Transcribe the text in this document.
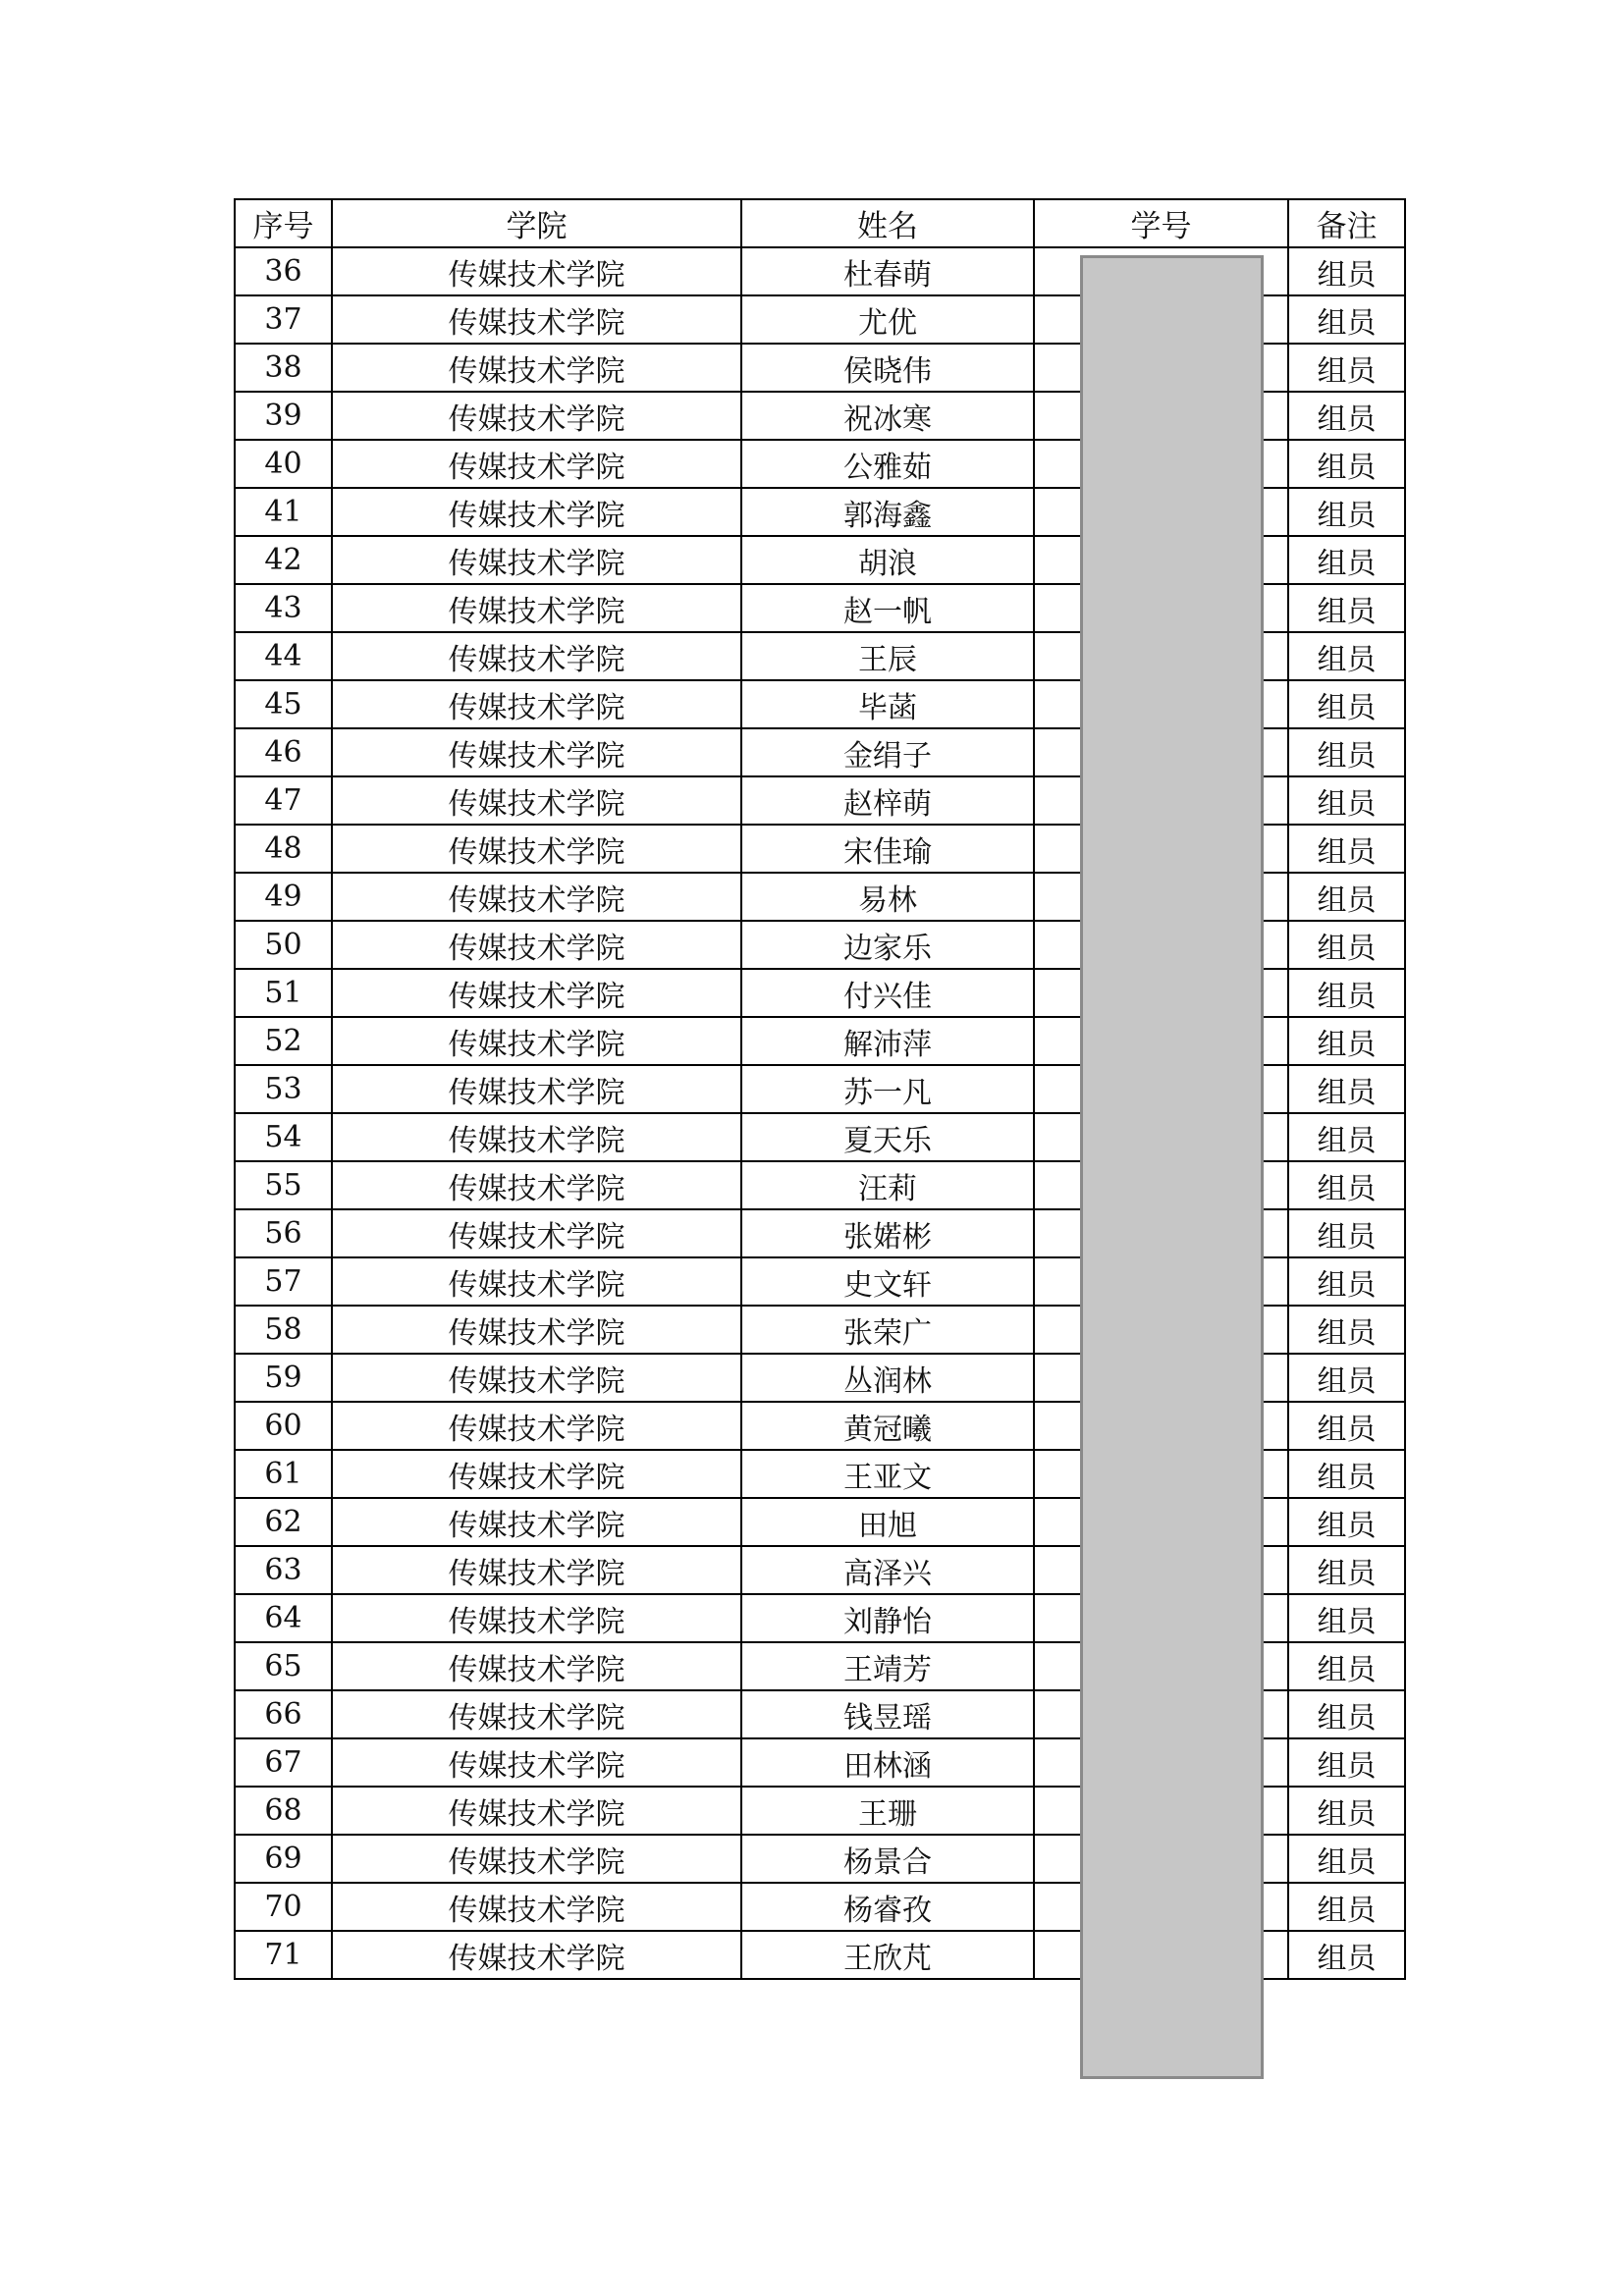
序号	学院	姓名	学号	备注
36	传媒技术学院	杜春萌		组员
37	传媒技术学院	尤优		组员
38	传媒技术学院	侯晓伟		组员
39	传媒技术学院	祝冰寒		组员
40	传媒技术学院	公雅茹		组员
41	传媒技术学院	郭海鑫		组员
42	传媒技术学院	胡浪		组员
43	传媒技术学院	赵一帆		组员
44	传媒技术学院	王辰		组员
45	传媒技术学院	毕菡		组员
46	传媒技术学院	金绢子		组员
47	传媒技术学院	赵梓萌		组员
48	传媒技术学院	宋佳瑜		组员
49	传媒技术学院	易林		组员
50	传媒技术学院	边家乐		组员
51	传媒技术学院	付兴佳		组员
52	传媒技术学院	解沛萍		组员
53	传媒技术学院	苏一凡		组员
54	传媒技术学院	夏天乐		组员
55	传媒技术学院	汪莉		组员
56	传媒技术学院	张婼彬		组员
57	传媒技术学院	史文轩		组员
58	传媒技术学院	张荣广		组员
59	传媒技术学院	丛润林		组员
60	传媒技术学院	黄冠曦		组员
61	传媒技术学院	王亚文		组员
62	传媒技术学院	田旭		组员
63	传媒技术学院	高泽兴		组员
64	传媒技术学院	刘静怡		组员
65	传媒技术学院	王靖芳		组员
66	传媒技术学院	钱昱瑶		组员
67	传媒技术学院	田林涵		组员
68	传媒技术学院	王珊		组员
69	传媒技术学院	杨景合		组员
70	传媒技术学院	杨睿孜		组员
71	传媒技术学院	王欣芃		组员
